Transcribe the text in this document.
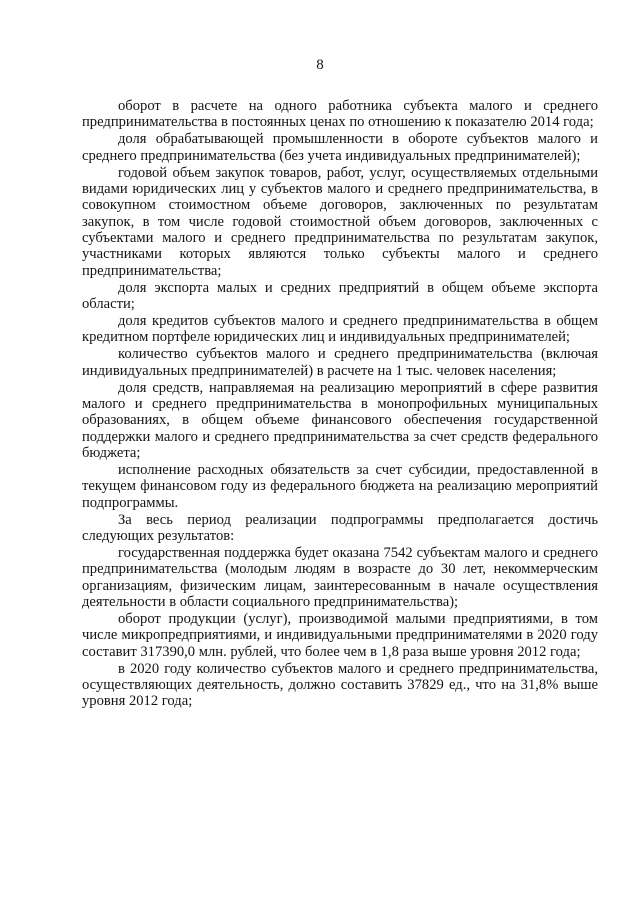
8

оборот в расчете на одного работника субъекта малого и среднего предпринимательства в постоянных ценах по отношению к показателю 2014 года;

доля обрабатывающей промышленности в обороте субъектов малого и среднего предпринимательства (без учета индивидуальных предпринимателей);

годовой объем закупок товаров, работ, услуг, осуществляемых отдельными видами юридических лиц у субъектов малого и среднего предпринимательства, в совокупном стоимостном объеме договоров, заключенных по результатам закупок, в том числе годовой стоимостной объем договоров, заключенных с субъектами малого и среднего предпринимательства по результатам закупок, участниками которых являются только субъекты малого и среднего предпринимательства;

доля экспорта малых и средних предприятий в общем объеме экспорта области;

доля кредитов субъектов малого и среднего предпринимательства в общем кредитном портфеле юридических лиц и индивидуальных предпринимателей;

количество субъектов малого и среднего предпринимательства (включая индивидуальных предпринимателей) в расчете на 1 тыс. человек населения;

доля средств, направляемая на реализацию мероприятий в сфере развития малого и среднего предпринимательства в монопрофильных муниципальных образованиях, в общем объеме финансового обеспечения государственной поддержки малого и среднего предпринимательства за счет средств федерального бюджета;

исполнение расходных обязательств за счет субсидии, предоставленной в текущем финансовом году из федерального бюджета на реализацию мероприятий подпрограммы.

За весь период реализации подпрограммы предполагается достичь следующих результатов:

государственная поддержка будет оказана 7542 субъектам малого и среднего предпринимательства (молодым людям в возрасте до 30 лет, некоммерческим организациям, физическим лицам, заинтересованным в начале осуществления деятельности в области социального предпринимательства);

оборот продукции (услуг), производимой малыми предприятиями, в том числе микропредприятиями, и индивидуальными предпринимателями в 2020 году составит 317390,0 млн. рублей, что более чем в 1,8 раза выше уровня 2012 года;

в 2020 году количество субъектов малого и среднего предпринимательства, осуществляющих деятельность, должно составить 37829 ед., что на 31,8% выше уровня 2012 года;
